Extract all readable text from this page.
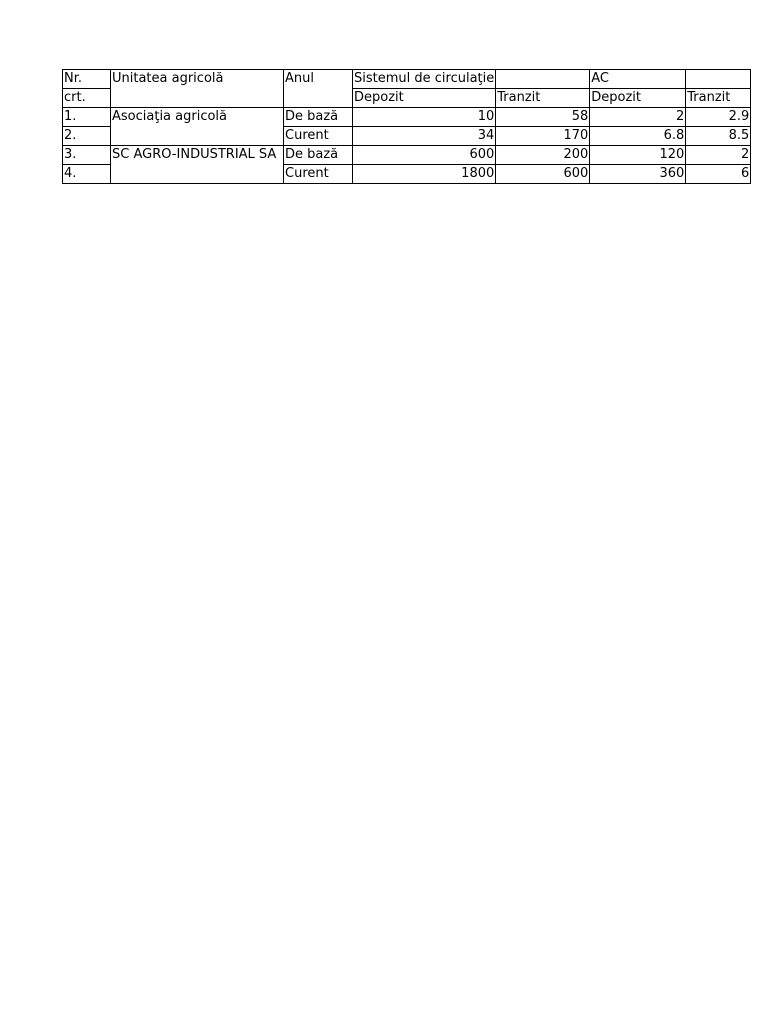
Nr.	Unitatea agricolă	Anul	Sistemul de circulaţie		AC	
crt.			Depozit	Tranzit	Depozit	Tranzit
1.	Asociaţia agricolă	De bază	10	58	2	2.9
2.		Curent	34	170	6.8	8.5
3.	SC AGRO-INDUSTRIAL SA	De bază	600	200	120	2
4.		Curent	1800	600	360	6
